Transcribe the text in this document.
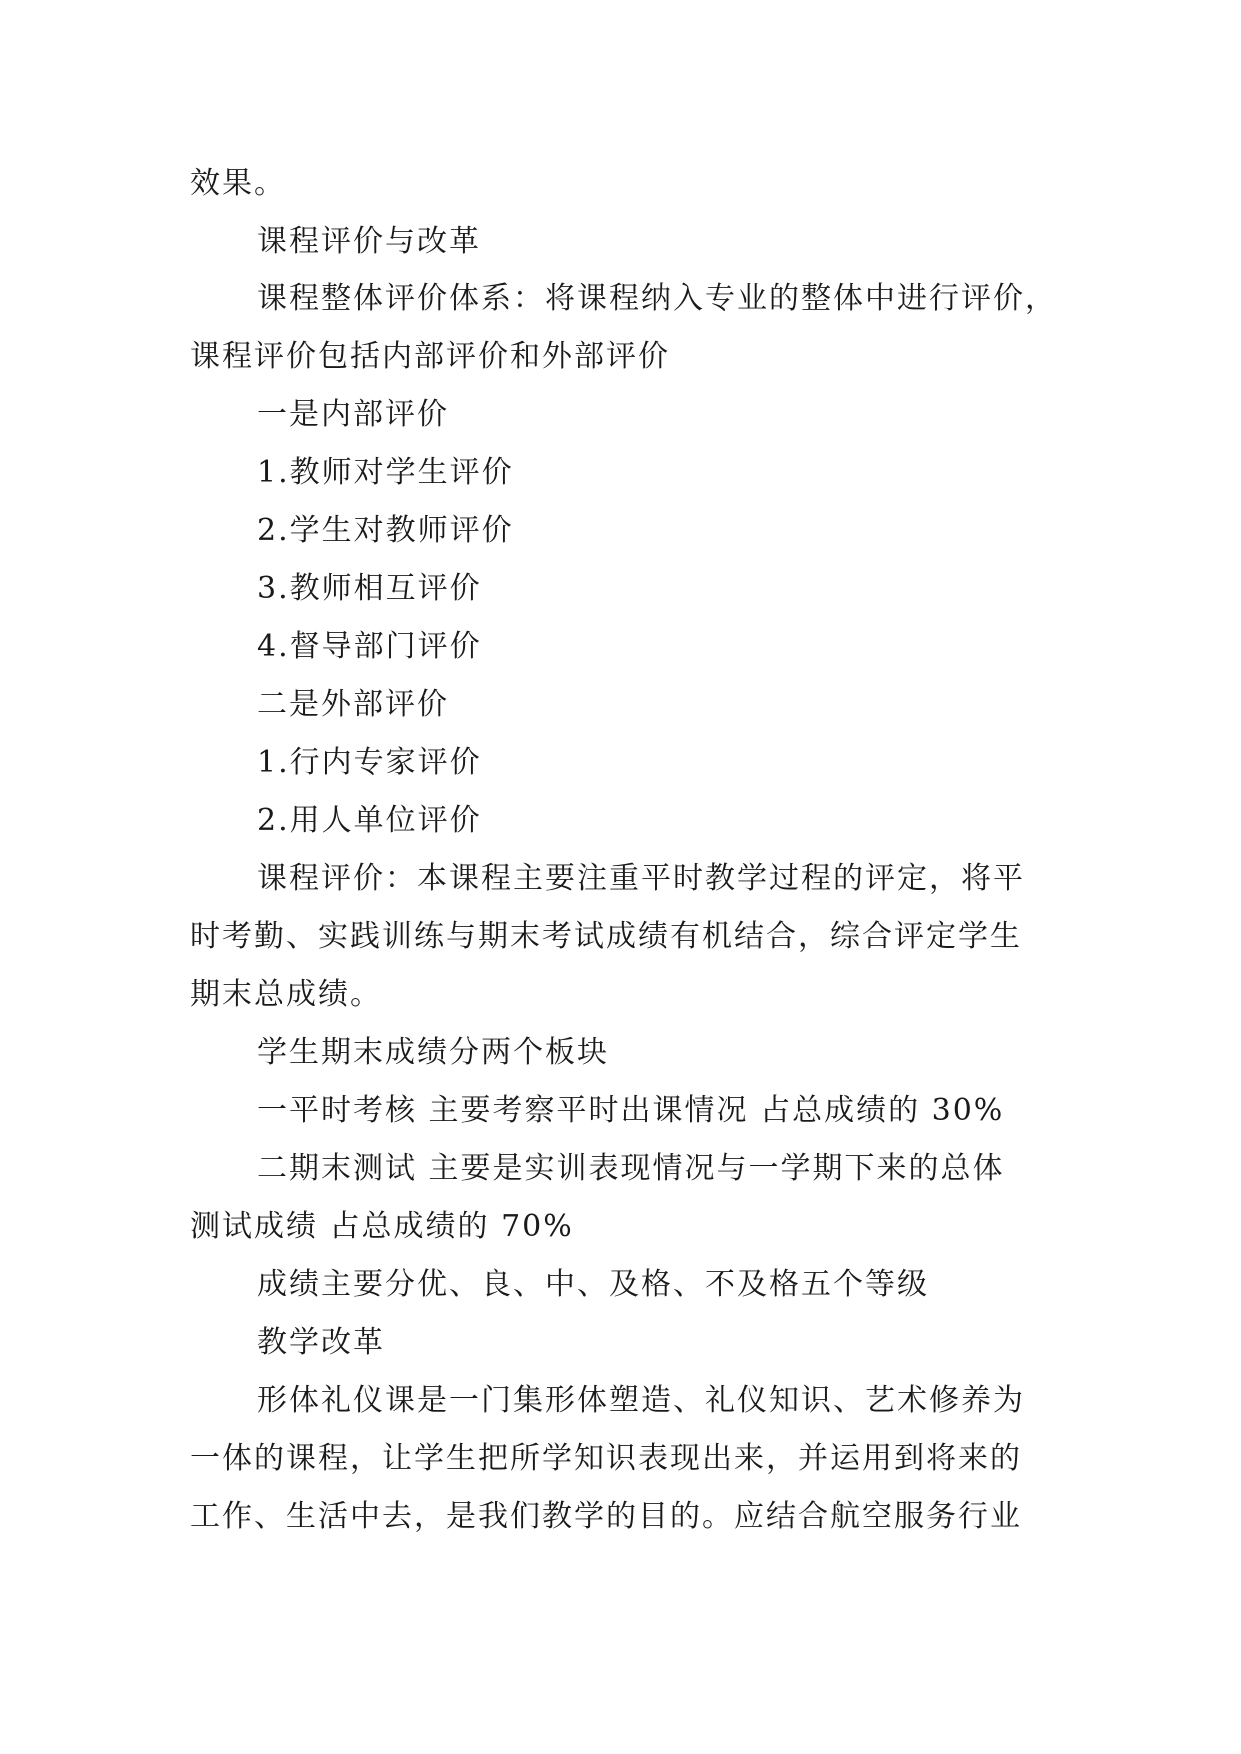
效果。
课程评价与改革
课程整体评价体系：将课程纳入专业的整体中进行评价，
课程评价包括内部评价和外部评价
一是内部评价
1.教师对学生评价
2.学生对教师评价
3.教师相互评价
4.督导部门评价
二是外部评价
1.行内专家评价
2.用人单位评价
课程评价：本课程主要注重平时教学过程的评定，将平
时考勤、实践训练与期末考试成绩有机结合，综合评定学生
期末总成绩。
学生期末成绩分两个板块
一平时考核 主要考察平时出课情况 占总成绩的 30%
二期末测试 主要是实训表现情况与一学期下来的总体
测试成绩 占总成绩的 70%
成绩主要分优、良、中、及格、不及格五个等级
教学改革
形体礼仪课是一门集形体塑造、礼仪知识、艺术修养为
一体的课程，让学生把所学知识表现出来，并运用到将来的
工作、生活中去，是我们教学的目的。应结合航空服务行业
